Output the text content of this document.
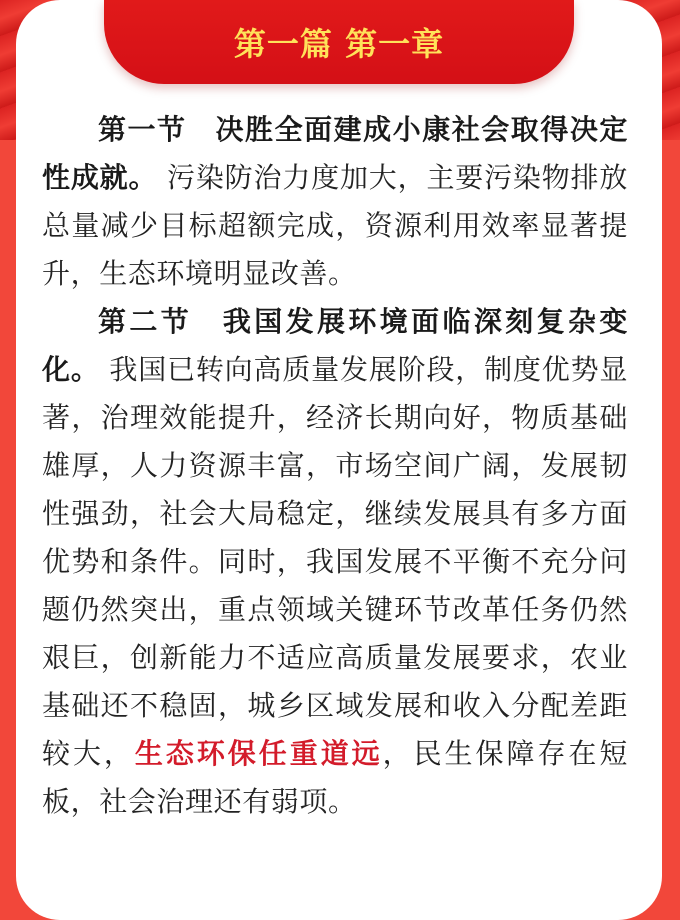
第一篇 第一章

第一节 决胜全面建成小康社会取得决定性成就。 污染防治力度加大，主要污染物排放总量减少目标超额完成，资源利用效率显著提升，生态环境明显改善。

第二节 我国发展环境面临深刻复杂变化。 我国已转向高质量发展阶段，制度优势显著，治理效能提升，经济长期向好，物质基础雄厚，人力资源丰富，市场空间广阔，发展韧性强劲，社会大局稳定，继续发展具有多方面优势和条件。同时，我国发展不平衡不充分问题仍然突出，重点领域关键环节改革任务仍然艰巨，创新能力不适应高质量发展要求，农业基础还不稳固，城乡区域发展和收入分配差距较大，生态环保任重道远，民生保障存在短板，社会治理还有弱项。
